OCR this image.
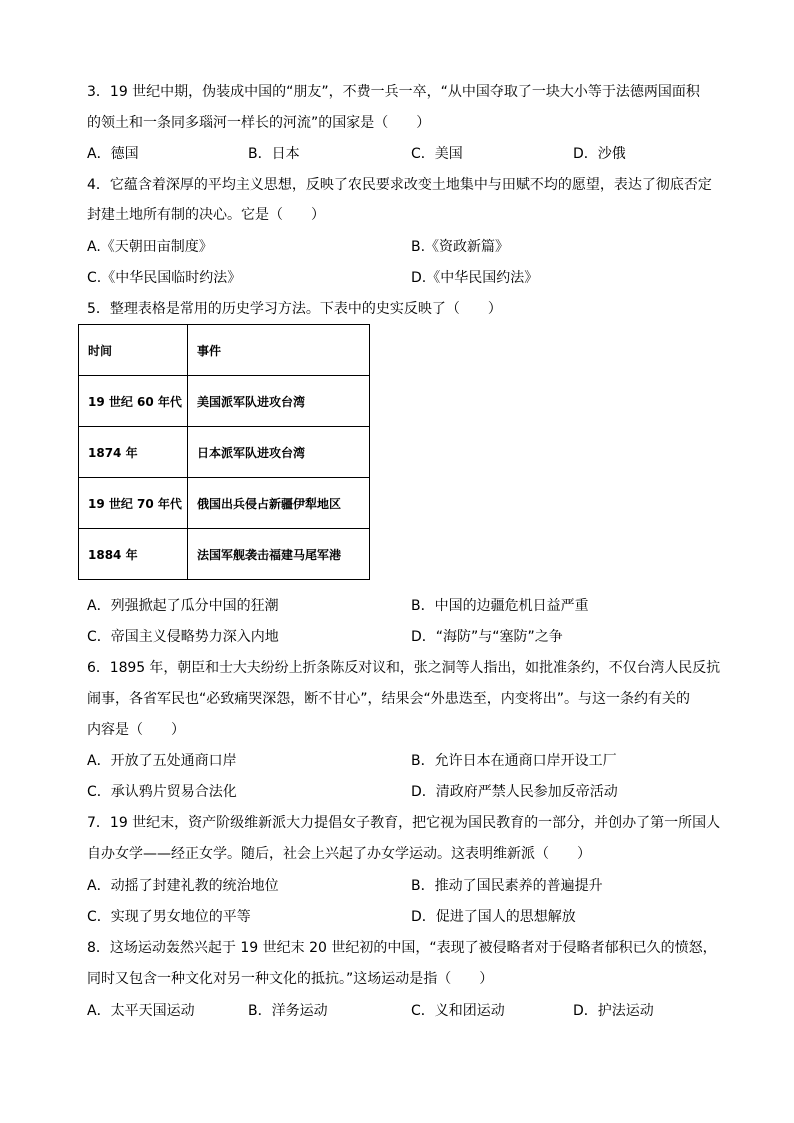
3．19 世纪中期，伪装成中国的“朋友”，不费一兵一卒，“从中国夺取了一块大小等于法德两国面积
的领土和一条同多瑙河一样长的河流”的国家是（　　）
A．德国	B．日本	C．美国	D．沙俄
4．它蕴含着深厚的平均主义思想，反映了农民要求改变土地集中与田赋不均的愿望，表达了彻底否定
封建土地所有制的决心。它是（　　）
A.《天朝田亩制度》	B.《资政新篇》
C.《中华民国临时约法》	D.《中华民国约法》
5．整理表格是常用的历史学习方法。下表中的史实反映了（　　）
时间	事件
19 世纪 60 年代	美国派军队进攻台湾
1874 年	日本派军队进攻台湾
19 世纪 70 年代	俄国出兵侵占新疆伊犁地区
1884 年	法国军舰袭击福建马尾军港
A．列强掀起了瓜分中国的狂潮	B．中国的边疆危机日益严重
C．帝国主义侵略势力深入内地	D．“海防”与“塞防”之争
6．1895 年，朝臣和士大夫纷纷上折条陈反对议和，张之洞等人指出，如批准条约，不仅台湾人民反抗
闹事，各省军民也“必致痛哭深怨，断不甘心”，结果会“外患迭至，内变将出”。与这一条约有关的
内容是（　　）
A．开放了五处通商口岸	B．允许日本在通商口岸开设工厂
C．承认鸦片贸易合法化	D．清政府严禁人民参加反帝活动
7．19 世纪末，资产阶级维新派大力提倡女子教育，把它视为国民教育的一部分，并创办了第一所国人
自办女学——经正女学。随后，社会上兴起了办女学运动。这表明维新派（　　）
A．动摇了封建礼教的统治地位	B．推动了国民素养的普遍提升
C．实现了男女地位的平等	D．促进了国人的思想解放
8．这场运动轰然兴起于 19 世纪末 20 世纪初的中国，“表现了被侵略者对于侵略者郁积已久的愤怒，
同时又包含一种文化对另一种文化的抵抗。”这场运动是指（　　）
A．太平天国运动	B．洋务运动	C．义和团运动	D．护法运动
